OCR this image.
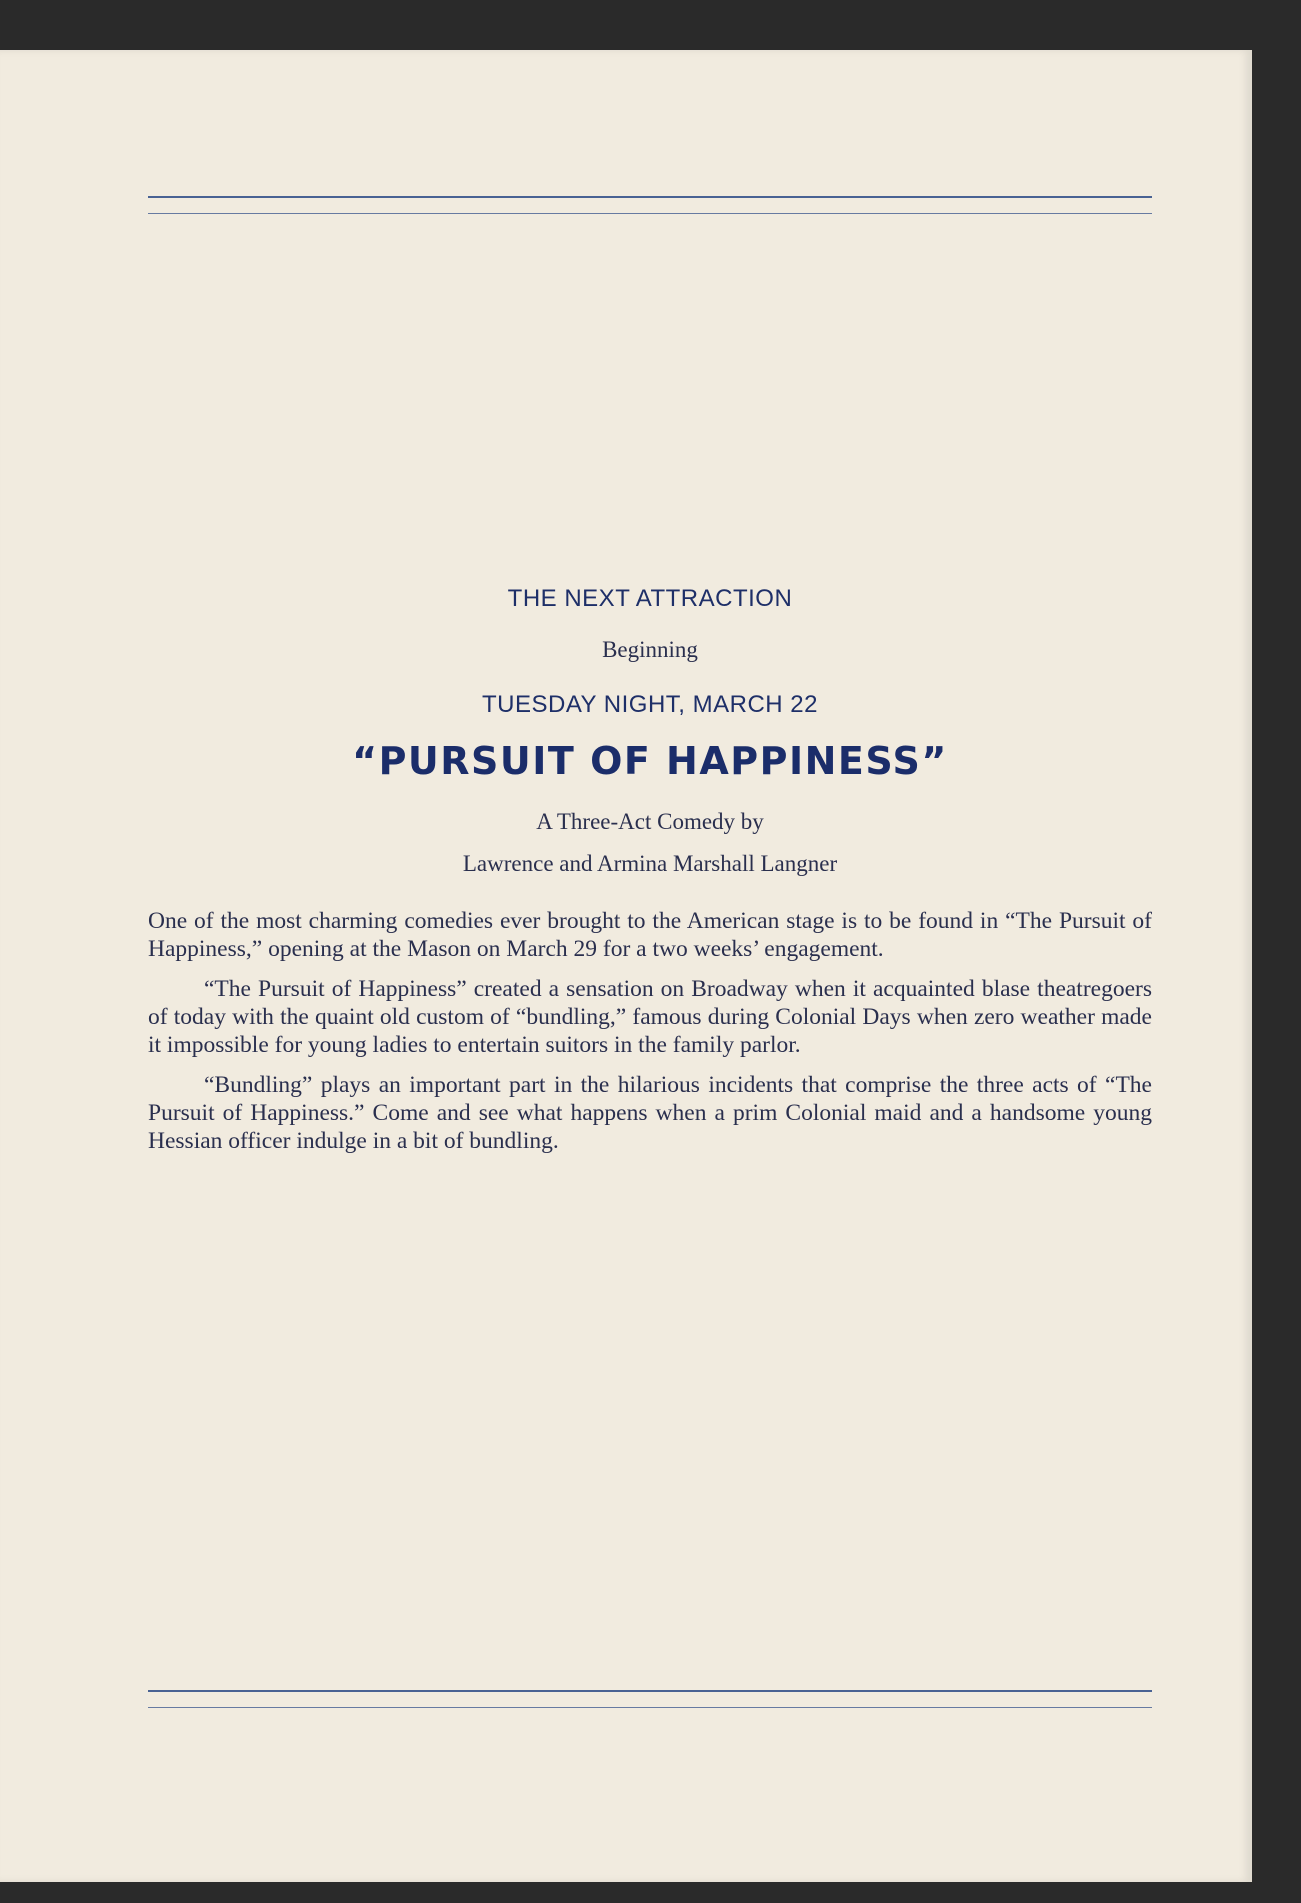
THE NEXT ATTRACTION
Beginning
TUESDAY NIGHT, MARCH 22
“PURSUIT OF HAPPINESS”
A Three-Act Comedy by
Lawrence and Armina Marshall Langner

One of the most charming comedies ever brought to the American stage is to be found in “The Pursuit of Happiness,” opening at the Mason on March 29 for a two weeks’ engagement.

“The Pursuit of Happiness” created a sensation on Broadway when it acquainted blase theatregoers of today with the quaint old custom of “bundling,” famous during Colonial Days when zero weather made it impossible for young ladies to entertain suitors in the family parlor.

“Bundling” plays an important part in the hilarious incidents that comprise the three acts of “The Pursuit of Happiness.” Come and see what happens when a prim Colonial maid and a handsome young Hessian officer indulge in a bit of bundling.
